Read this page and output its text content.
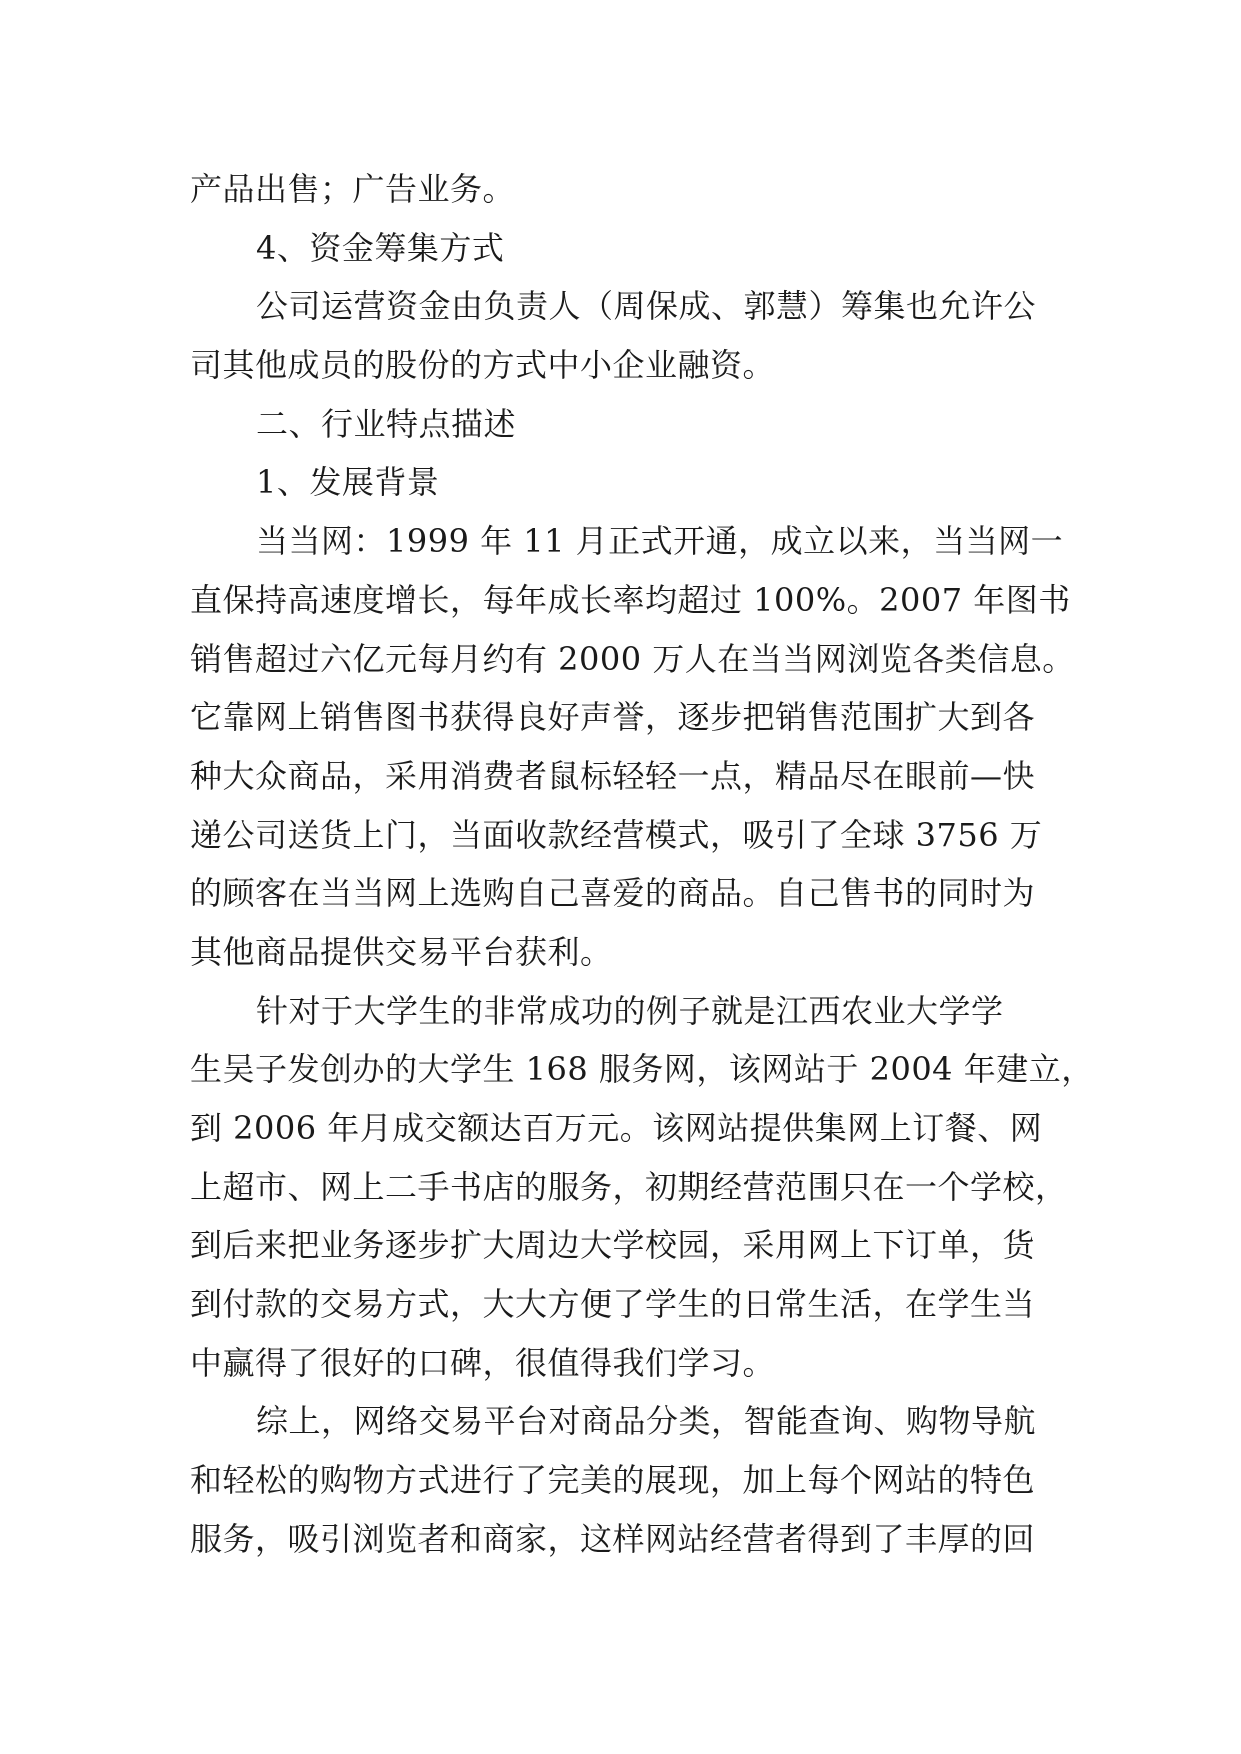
产品出售；广告业务。
4、资金筹集方式
公司运营资金由负责人（周保成、郭慧）筹集也允许公
司其他成员的股份的方式中小企业融资。
二、行业特点描述
1、发展背景
当当网：1999 年 11 月正式开通，成立以来，当当网一
直保持高速度增长，每年成长率均超过 100%。2007 年图书
销售超过六亿元每月约有 2000 万人在当当网浏览各类信息。
它靠网上销售图书获得良好声誉，逐步把销售范围扩大到各
种大众商品，采用消费者鼠标轻轻一点，精品尽在眼前—快
递公司送货上门，当面收款经营模式，吸引了全球 3756 万
的顾客在当当网上选购自己喜爱的商品。自己售书的同时为
其他商品提供交易平台获利。
针对于大学生的非常成功的例子就是江西农业大学学
生吴子发创办的大学生 168 服务网，该网站于 2004 年建立，
到 2006 年月成交额达百万元。该网站提供集网上订餐、网
上超市、网上二手书店的服务，初期经营范围只在一个学校，
到后来把业务逐步扩大周边大学校园，采用网上下订单，货
到付款的交易方式，大大方便了学生的日常生活，在学生当
中赢得了很好的口碑，很值得我们学习。
综上，网络交易平台对商品分类，智能查询、购物导航
和轻松的购物方式进行了完美的展现，加上每个网站的特色
服务，吸引浏览者和商家，这样网站经营者得到了丰厚的回
